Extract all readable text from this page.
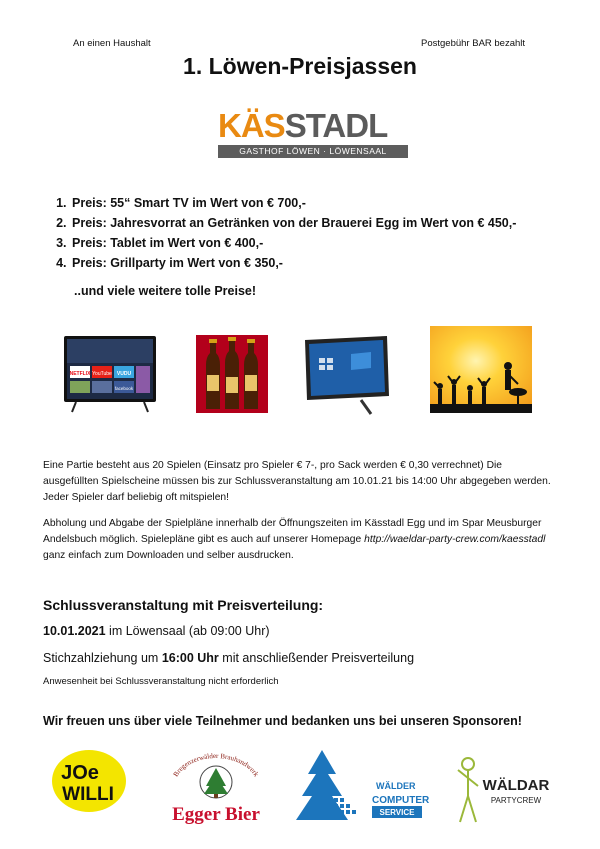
An einen Haushalt	Postgebühr BAR bezahlt
1. Löwen-Preisjassen
KÄSSTADL
GASTHOF LÖWEN · LÖWENSAAL
1. Preis: 55“ Smart TV im Wert von € 700,-
2. Preis: Jahresvorrat an Getränken von der Brauerei Egg im Wert von € 450,-
3. Preis: Tablet im Wert von € 400,-
4. Preis: Grillparty im Wert von € 350,-
..und viele weitere tolle Preise!
NETFLIX YouTube VUDU
facebook

Eine Partie besteht aus 20 Spielen (Einsatz pro Spieler € 7-, pro Sack werden € 0,30 verrechnet) Die ausgefüllten Spielscheine müssen bis zur Schlussveranstaltung am 10.01.21 bis 14:00 Uhr abgegeben werden. Jeder Spieler darf beliebig oft mitspielen!

Abholung und Abgabe der Spielpläne innerhalb der Öffnungszeiten im Kässtadl Egg und im Spar Meusburger Andelsbuch möglich. Spielepläne gibt es auch auf unserer Homepage http://waeldar-party-crew.com/kaesstadl ganz einfach zum Downloaden und selber ausdrucken.

Schlussveranstaltung mit Preisverteilung:
10.01.2021 im Löwensaal (ab 09:00 Uhr)
Stichzahlziehung um 16:00 Uhr mit anschließender Preisverteilung
Anwesenheit bei Schlussveranstaltung nicht erforderlich
Wir freuen uns über viele Teilnehmer und bedanken uns bei unseren Sponsoren!
JOe
WILLI
Bregenzerwälder Brauhandwerk
Egger Bier
WÄLDER
COMPUTER
SERVICE
WÄLDAR
PARTYCREW
